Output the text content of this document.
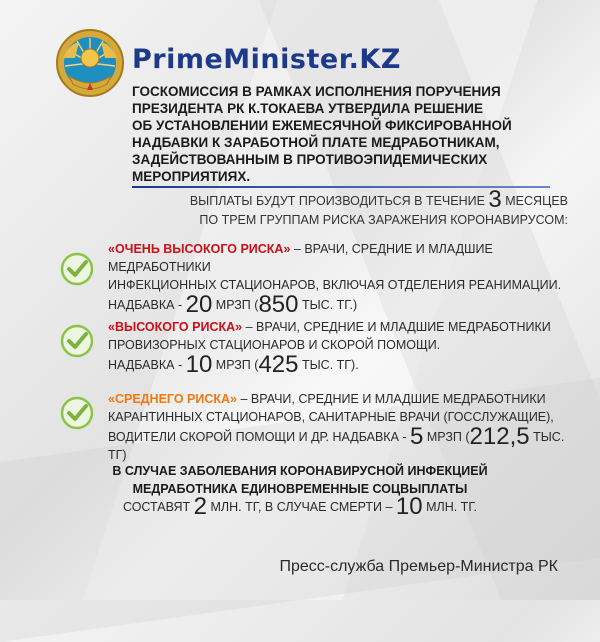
PrimeMinister.KZ
ГОСКОМИССИЯ В РАМКАХ ИСПОЛНЕНИЯ ПОРУЧЕНИЯ
ПРЕЗИДЕНТА РК К.ТОКАЕВА УТВЕРДИЛА РЕШЕНИЕ
ОБ УСТАНОВЛЕНИИ ЕЖЕМЕСЯЧНОЙ ФИКСИРОВАННОЙ
НАДБАВКИ К ЗАРАБОТНОЙ ПЛАТЕ МЕДРАБОТНИКАМ,
ЗАДЕЙСТВОВАННЫМ В ПРОТИВОЭПИДЕМИЧЕСКИХ
МЕРОПРИЯТИЯХ.
ВЫПЛАТЫ БУДУТ ПРОИЗВОДИТЬСЯ В ТЕЧЕНИЕ 3 МЕСЯЦЕВ
ПО ТРЕМ ГРУППАМ РИСКА ЗАРАЖЕНИЯ КОРОНАВИРУСОМ:
«ОЧЕНЬ ВЫСОКОГО РИСКА» – ВРАЧИ, СРЕДНИЕ И МЛАДШИЕ МЕДРАБОТНИКИ
ИНФЕКЦИОННЫХ СТАЦИОНАРОВ, ВКЛЮЧАЯ ОТДЕЛЕНИЯ РЕАНИМАЦИИ.
НАДБАВКА - 20 МРЗП (850 ТЫС. ТГ.)
«ВЫСОКОГО РИСКА» – ВРАЧИ, СРЕДНИЕ И МЛАДШИЕ МЕДРАБОТНИКИ
ПРОВИЗОРНЫХ СТАЦИОНАРОВ И СКОРОЙ ПОМОЩИ.
НАДБАВКА - 10 МРЗП (425 ТЫС. ТГ).
«СРЕДНЕГО РИСКА» – ВРАЧИ, СРЕДНИЕ И МЛАДШИЕ МЕДРАБОТНИКИ
КАРАНТИННЫХ СТАЦИОНАРОВ, САНИТАРНЫЕ ВРАЧИ (ГОССЛУЖАЩИЕ),
ВОДИТЕЛИ СКОРОЙ ПОМОЩИ И ДР. НАДБАВКА - 5 МРЗП (212,5 ТЫС. ТГ)
В СЛУЧАЕ ЗАБОЛЕВАНИЯ КОРОНАВИРУСНОЙ ИНФЕКЦИЕЙ
МЕДРАБОТНИКА ЕДИНОВРЕМЕННЫЕ СОЦВЫПЛАТЫ
СОСТАВЯТ 2 МЛН. ТГ, В СЛУЧАЕ СМЕРТИ – 10 МЛН. ТГ.
Пресс-служба Премьер-Министра РК
